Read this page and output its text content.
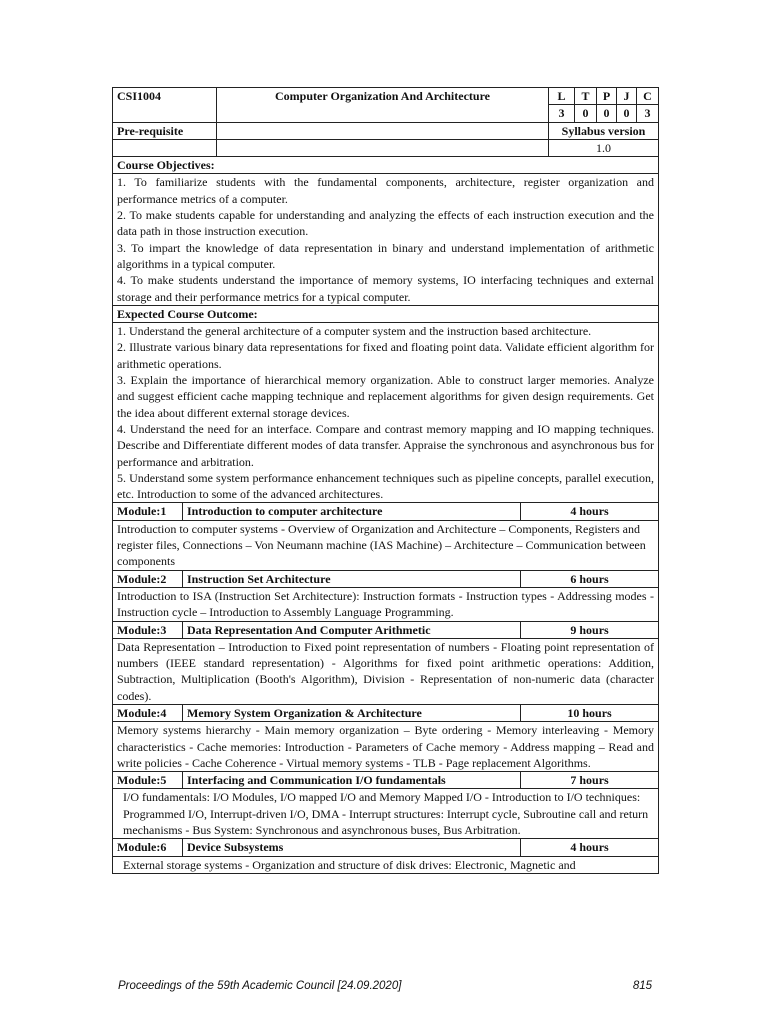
CSI1004		Computer Organization And Architecture		L	T	P	J	C
				3	0	0	0	3
Pre-requisite				Syllabus version				
				1.0				
Course Objectives:								

1. To familiarize students with the fundamental components, architecture, register organization and performance metrics of a computer.

2. To make students capable for understanding and analyzing the effects of each instruction execution and the data path in those instruction execution.

3. To impart the knowledge of data representation in binary and understand implementation of arithmetic algorithms in a typical computer.

4. To make students understand the importance of memory systems, IO interfacing techniques and external storage and their performance metrics for a typical computer.								

Expected Course Outcome:								

1. Understand the general architecture of a computer system and the instruction based architecture.

2. Illustrate various binary data representations for fixed and floating point data. Validate efficient algorithm for arithmetic operations.

3. Explain the importance of hierarchical memory organization. Able to construct larger memories. Analyze and suggest efficient cache mapping technique and replacement algorithms for given design requirements. Get the idea about different external storage devices.

4. Understand the need for an interface. Compare and contrast memory mapping and IO mapping techniques. Describe and Differentiate different modes of data transfer. Appraise the synchronous and asynchronous bus for performance and arbitration.

5. Understand some system performance enhancement techniques such as pipeline concepts, parallel execution, etc. Introduction to some of the advanced architectures.								

Module:1	Introduction to computer architecture		4 hours					
Introduction to computer systems - Overview of Organization and Architecture – Components, Registers and register files, Connections – Von Neumann machine (IAS Machine) – Architecture – Communication between components								
Module:2	Instruction Set Architecture		6 hours					
Introduction to ISA (Instruction Set Architecture): Instruction formats - Instruction types - Addressing modes - Instruction cycle – Introduction to Assembly Language Programming.								
Module:3	Data Representation And Computer Arithmetic		9 hours					
Data Representation – Introduction to Fixed point representation of numbers - Floating point representation of numbers (IEEE standard representation) - Algorithms for fixed point arithmetic operations: Addition, Subtraction, Multiplication (Booth's Algorithm), Division - Representation of non-numeric data (character codes).								
Module:4	Memory System Organization & Architecture		10 hours					
Memory systems hierarchy - Main memory organization – Byte ordering - Memory interleaving - Memory characteristics - Cache memories: Introduction - Parameters of Cache memory - Address mapping – Read and write policies - Cache Coherence - Virtual memory systems - TLB - Page replacement Algorithms.								
Module:5	Interfacing and Communication I/O fundamentals		7 hours					
I/O fundamentals: I/O Modules, I/O mapped I/O and Memory Mapped I/O - Introduction to I/O techniques: Programmed I/O, Interrupt-driven I/O, DMA - Interrupt structures: Interrupt cycle, Subroutine call and return mechanisms - Bus System: Synchronous and asynchronous buses, Bus Arbitration.								
Module:6	Device Subsystems		4 hours					
External storage systems - Organization and structure of disk drives: Electronic, Magnetic and								
Proceedings of the 59th Academic Council [24.09.2020]	815
